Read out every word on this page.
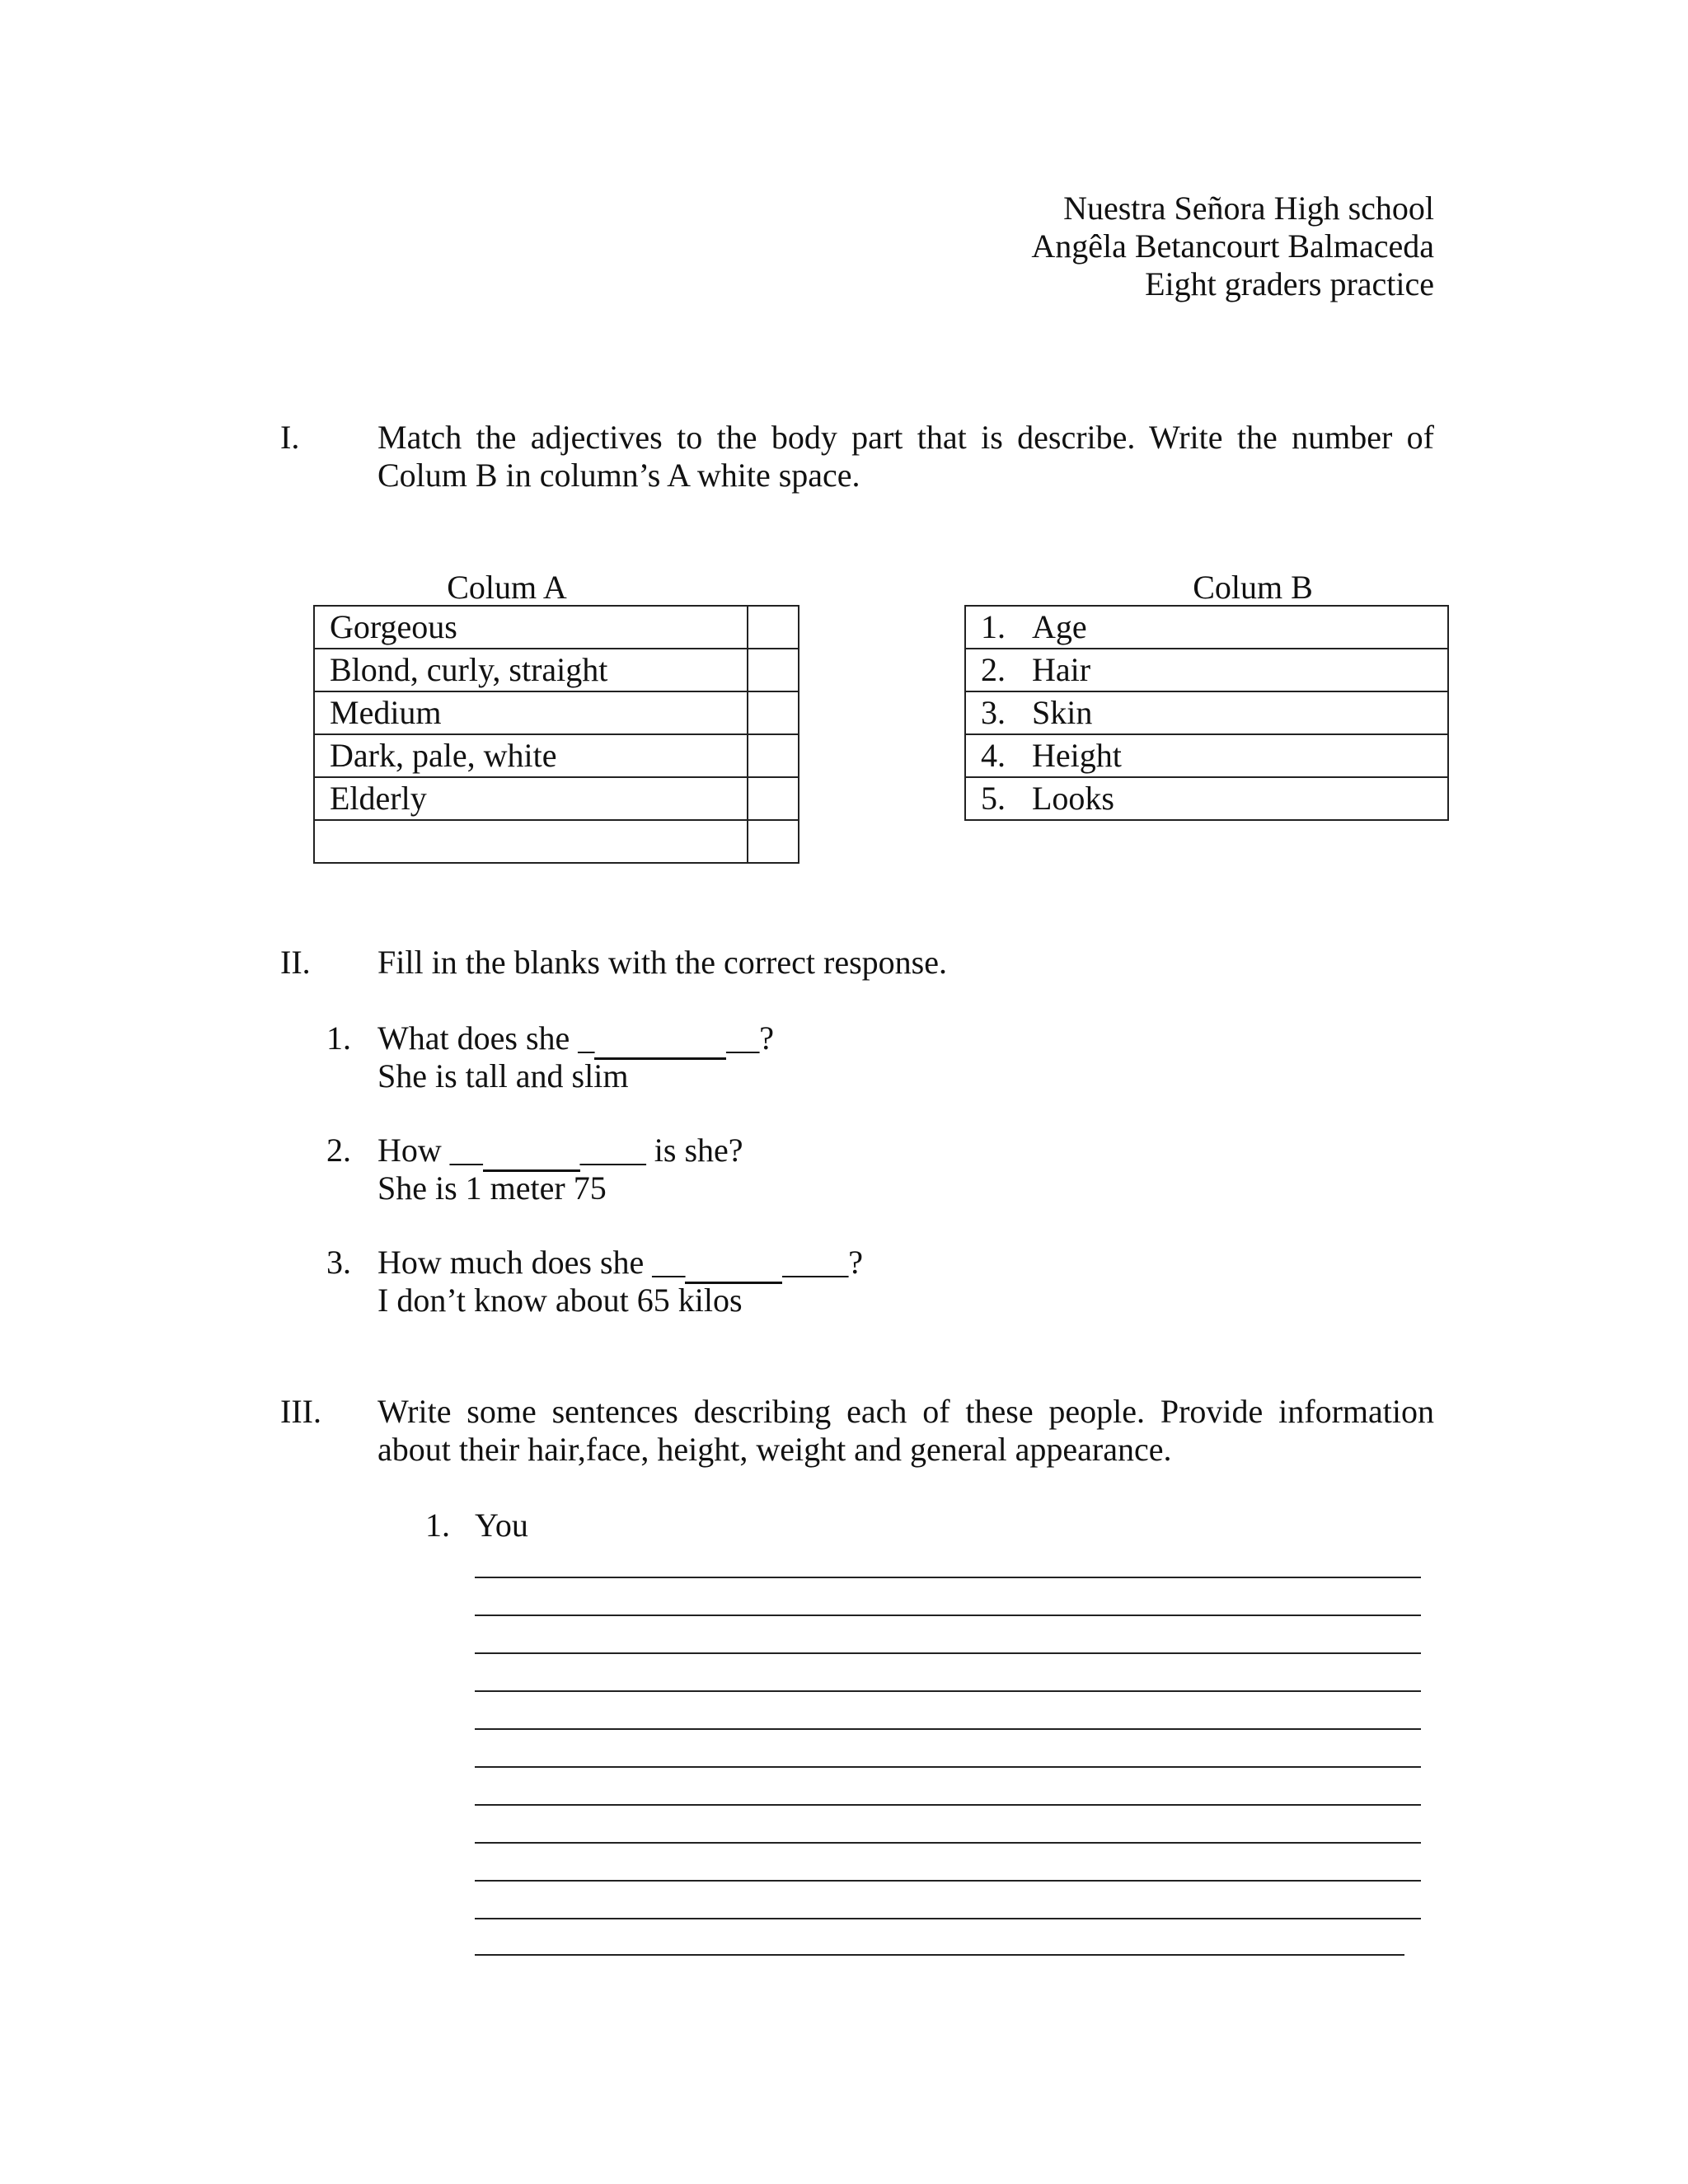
Nuestra Señora High school
Angêla Betancourt Balmaceda
Eight graders practice
I.	Match the adjectives to the body part that is describe. Write the number of Colum B in column’s A white space.
Colum A	Colum B
Gorgeous	
Blond, curly, straight	
Medium	
Dark, pale, white	
Elderly	

1. Age
2. Hair
3. Skin
4. Height
5. Looks
II.	Fill in the blanks with the correct response.
1. What does she _	__?
She is tall and slim
2. How __	____ is she?
She is 1 meter 75
3. How much does she __	____?
I don’t know about 65 kilos
III.	Write some sentences describing each of these people. Provide information about their hair,face, height, weight and general appearance.
1. You
